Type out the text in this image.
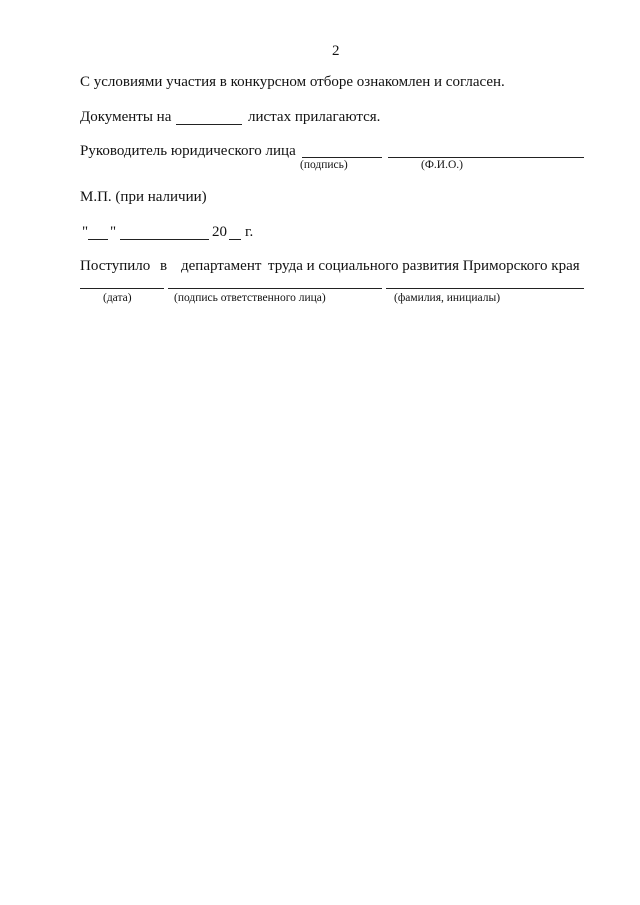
2
С условиями участия в конкурсном отборе ознакомлен и согласен.
Документы на	листах прилагаются.
Руководитель юридического лица
(подпись)	(Ф.И.О.)
М.П. (при наличии)
" "	20 г.
Поступило в департамент труда и социального развития Приморского края
(дата)	(подпись ответственного лица)	(фамилия, инициалы)
